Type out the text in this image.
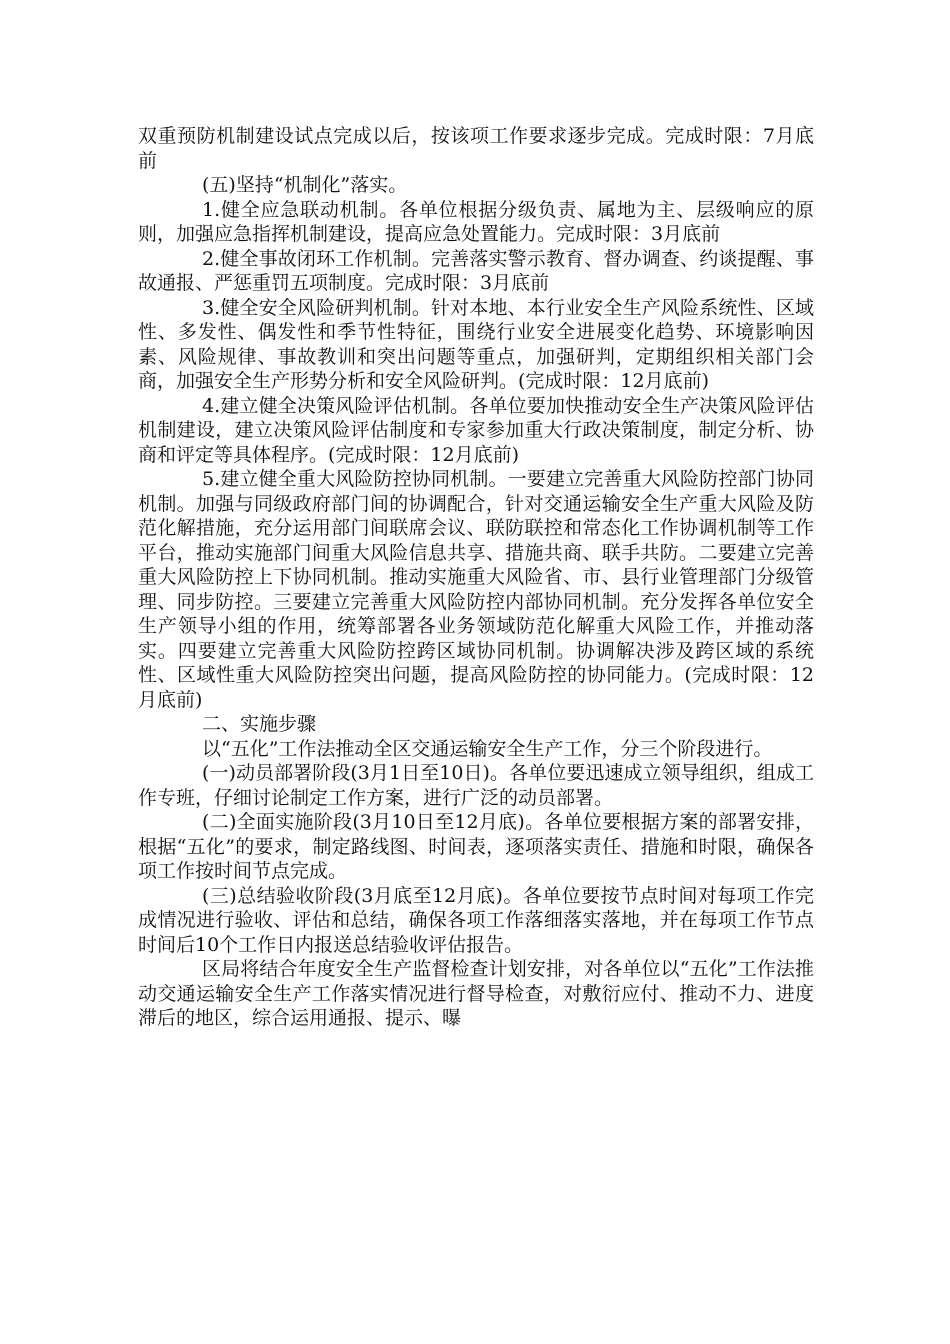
双重预防机制建设试点完成以后，按该项工作要求逐步完成。完成时限：7月底前

(五)坚持“机制化”落实。

1.健全应急联动机制。各单位根据分级负责、属地为主、层级响应的原则，加强应急指挥机制建设，提高应急处置能力。完成时限：3月底前

2.健全事故闭环工作机制。完善落实警示教育、督办调查、约谈提醒、事故通报、严惩重罚五项制度。完成时限：3月底前

3.健全安全风险研判机制。针对本地、本行业安全生产风险系统性、区域性、多发性、偶发性和季节性特征，围绕行业安全进展变化趋势、环境影响因素、风险规律、事故教训和突出问题等重点，加强研判，定期组织相关部门会商，加强安全生产形势分析和安全风险研判。(完成时限：12月底前)

4.建立健全决策风险评估机制。各单位要加快推动安全生产决策风险评估机制建设，建立决策风险评估制度和专家参加重大行政决策制度，制定分析、协商和评定等具体程序。(完成时限：12月底前)

5.建立健全重大风险防控协同机制。一要建立完善重大风险防控部门协同机制。加强与同级政府部门间的协调配合，针对交通运输安全生产重大风险及防范化解措施，充分运用部门间联席会议、联防联控和常态化工作协调机制等工作平台，推动实施部门间重大风险信息共享、措施共商、联手共防。二要建立完善重大风险防控上下协同机制。推动实施重大风险省、市、县行业管理部门分级管理、同步防控。三要建立完善重大风险防控内部协同机制。充分发挥各单位安全生产领导小组的作用，统筹部署各业务领域防范化解重大风险工作，并推动落实。四要建立完善重大风险防控跨区域协同机制。协调解决涉及跨区域的系统性、区域性重大风险防控突出问题，提高风险防控的协同能力。(完成时限：12月底前)

二、实施步骤

以“五化”工作法推动全区交通运输安全生产工作，分三个阶段进行。

(一)动员部署阶段(3月1日至10日)。各单位要迅速成立领导组织，组成工作专班，仔细讨论制定工作方案，进行广泛的动员部署。

(二)全面实施阶段(3月10日至12月底)。各单位要根据方案的部署安排，根据“五化”的要求，制定路线图、时间表，逐项落实责任、措施和时限，确保各项工作按时间节点完成。

(三)总结验收阶段(3月底至12月底)。各单位要按节点时间对每项工作完成情况进行验收、评估和总结，确保各项工作落细落实落地，并在每项工作节点时间后10个工作日内报送总结验收评估报告。

区局将结合年度安全生产监督检查计划安排，对各单位以“五化”工作法推动交通运输安全生产工作落实情况进行督导检查，对敷衍应付、推动不力、进度滞后的地区，综合运用通报、提示、曝
